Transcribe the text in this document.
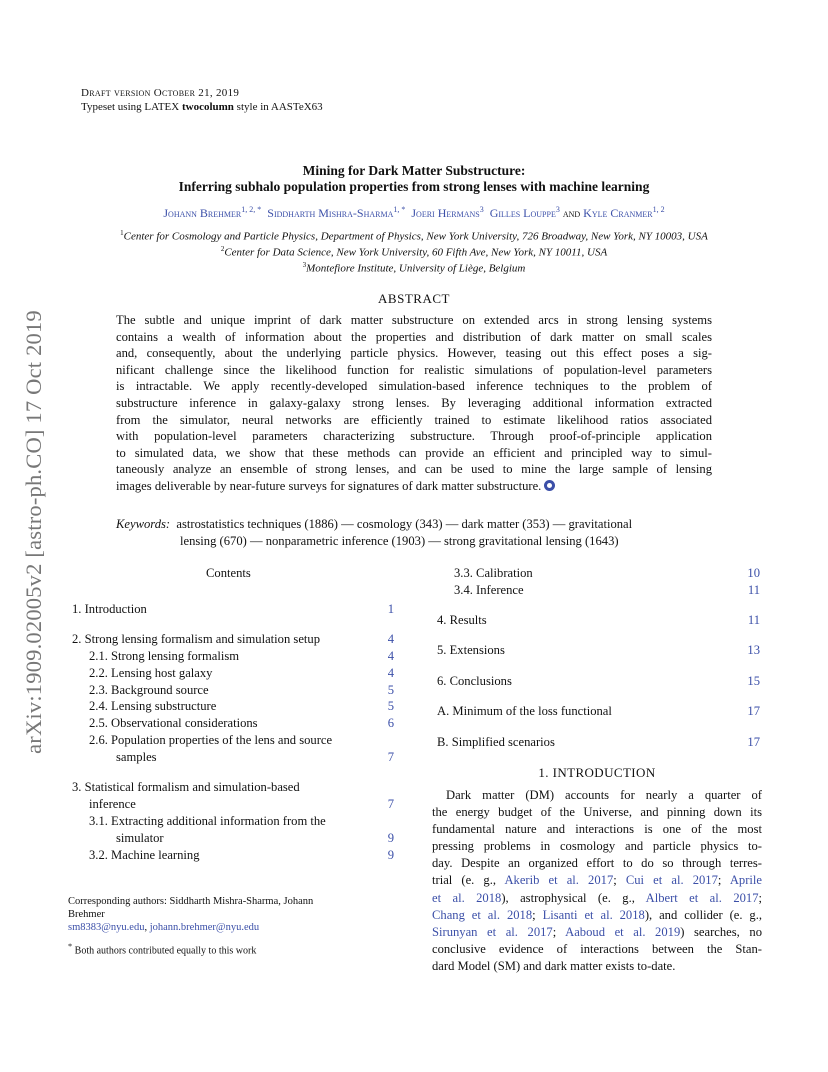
Draft version October 21, 2019
Typeset using LATEX twocolumn style in AASTeX63
Mining for Dark Matter Substructure:
Inferring subhalo population properties from strong lenses with machine learning
Johann Brehmer$^{1, 2, *}$ Siddharth Mishra-Sharma$^{1, *}$ Joeri Hermans$^3$ Gilles Louppe$^3$ and Kyle Cranmer$^{1, 2}$
$^1$Center for Cosmology and Particle Physics, Department of Physics, New York University, 726 Broadway, New York, NY 10003, USA
$^2$Center for Data Science, New York University, 60 Fifth Ave, New York, NY 10011, USA
$^3$Montefiore Institute, University of Liège, Belgium
ABSTRACT
The subtle and unique imprint of dark matter substructure on extended arcs in strong lensing systems
contains a wealth of information about the properties and distribution of dark matter on small scales
and, consequently, about the underlying particle physics. However, teasing out this effect poses a sig-
nificant challenge since the likelihood function for realistic simulations of population-level parameters
is intractable. We apply recently-developed simulation-based inference techniques to the problem of
substructure inference in galaxy-galaxy strong lenses. By leveraging additional information extracted
from the simulator, neural networks are efficiently trained to estimate likelihood ratios associated
with population-level parameters characterizing substructure. Through proof-of-principle application
to simulated data, we show that these methods can provide an efficient and principled way to simul-
taneously analyze an ensemble of strong lenses, and can be used to mine the large sample of lensing
images deliverable by near-future surveys for signatures of dark matter substructure.
Keywords: astrostatistics techniques (1886) — cosmology (343) — dark matter (353) — gravitational
lensing (670) — nonparametric inference (1903) — strong gravitational lensing (1643)
Contents
1. Introduction	1
2. Strong lensing formalism and simulation setup	4
2.1. Strong lensing formalism	4
2.2. Lensing host galaxy	4
2.3. Background source	5
2.4. Lensing substructure	5
2.5. Observational considerations	6
2.6. Population properties of the lens and source
samples	7
3. Statistical formalism and simulation-based
inference	7
3.1. Extracting additional information from the
simulator	9
3.2. Machine learning	9
3.3. Calibration	10
3.4. Inference	11
4. Results	11
5. Extensions	13
6. Conclusions	15
A. Minimum of the loss functional	17
B. Simplified scenarios	17
arXiv:1909.02005v2 [astro-ph.CO] 17 Oct 2019
1. INTRODUCTION
Dark matter (DM) accounts for nearly a quarter of
the energy budget of the Universe, and pinning down its
fundamental nature and interactions is one of the most
pressing problems in cosmology and particle physics to-
day. Despite an organized effort to do so through terres-
trial (e. g., Akerib et al. 2017; Cui et al. 2017; Aprile
et al. 2018), astrophysical (e. g., Albert et al. 2017;
Chang et al. 2018; Lisanti et al. 2018), and collider (e. g.,
Sirunyan et al. 2017; Aaboud et al. 2019) searches, no
conclusive evidence of interactions between the Stan-
dard Model (SM) and dark matter exists to-date.
Corresponding authors: Siddharth Mishra-Sharma, Johann
Brehmer
sm8383@nyu.edu, johann.brehmer@nyu.edu
* Both authors contributed equally to this work
